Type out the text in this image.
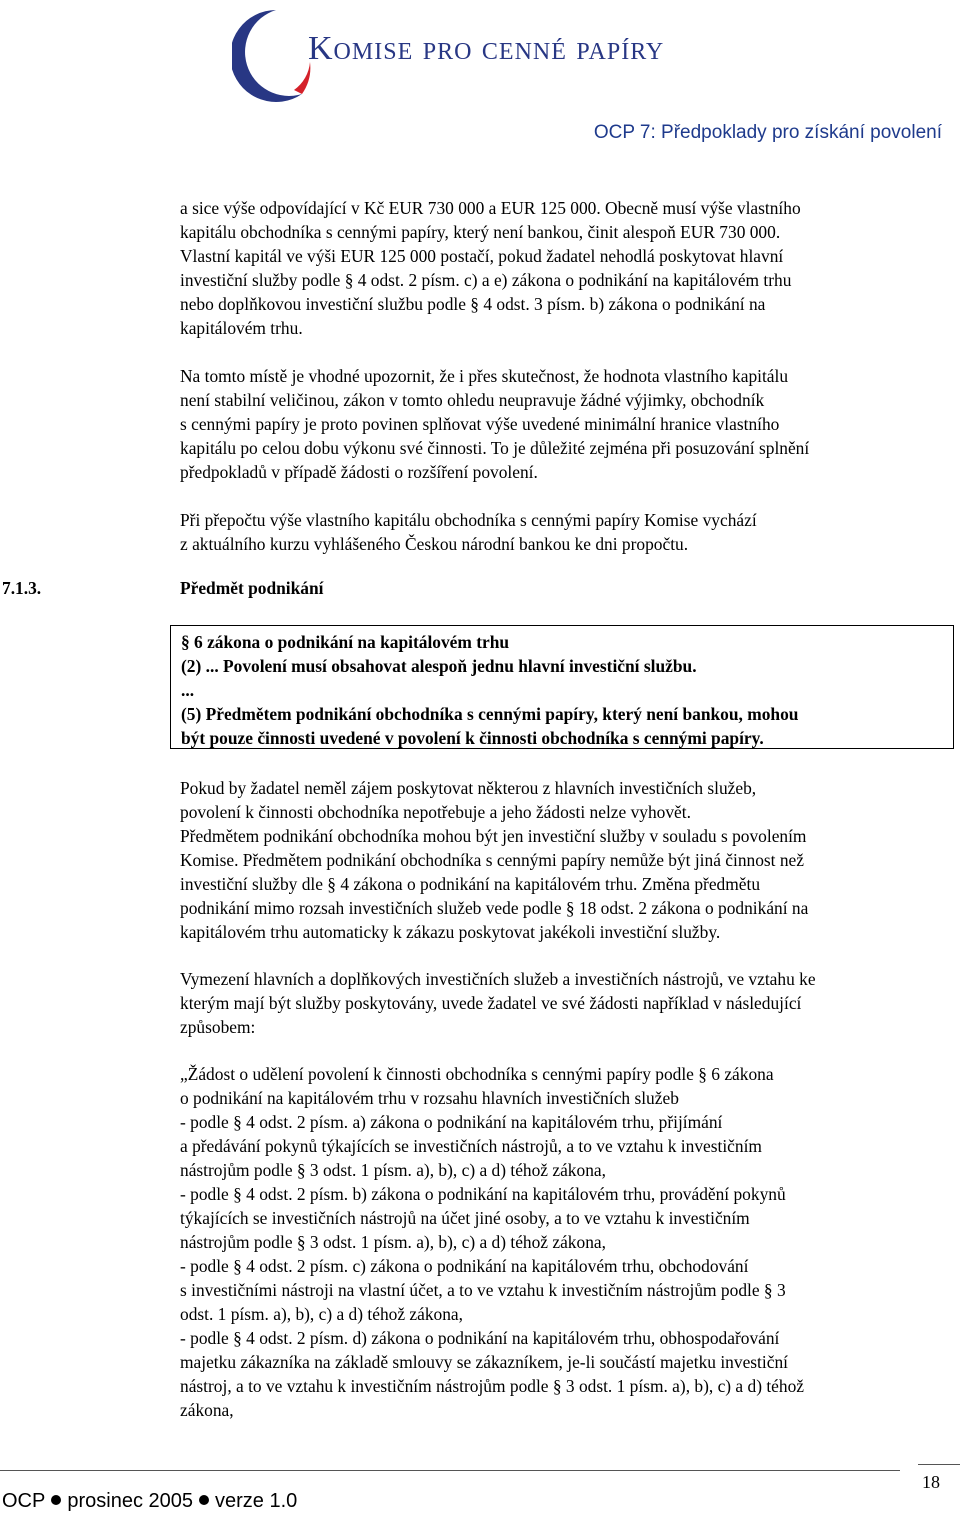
Komise pro cenné papíry
OCP 7: Předpoklady pro získání povolení

a sice výše odpovídající v Kč EUR 730 000 a EUR 125 000. Obecně musí výše vlastního

kapitálu obchodníka s cennými papíry, který není bankou, činit alespoň EUR 730 000.

Vlastní kapitál ve výši EUR 125 000 postačí, pokud žadatel nehodlá poskytovat hlavní

investiční služby podle § 4 odst. 2 písm. c) a e) zákona o podnikání na kapitálovém trhu

nebo doplňkovou investiční službu podle § 4 odst. 3 písm. b) zákona o podnikání na

kapitálovém trhu.

Na tomto místě je vhodné upozornit, že i přes skutečnost, že hodnota vlastního kapitálu

není stabilní veličinou, zákon v tomto ohledu neupravuje žádné výjimky, obchodník

s cennými papíry je proto povinen splňovat výše uvedené minimální hranice vlastního

kapitálu po celou dobu výkonu své činnosti. To je důležité zejména při posuzování splnění

předpokladů v případě žádosti o rozšíření povolení.

Při přepočtu výše vlastního kapitálu obchodníka s cennými papíry Komise vychází

z aktuálního kurzu vyhlášeného Českou národní bankou ke dni propočtu.

7.1.3.	Předmět podnikání

§ 6 zákona o podnikání na kapitálovém trhu

(2) ... Povolení musí obsahovat alespoň jednu hlavní investiční službu.

...

(5) Předmětem podnikání obchodníka s cennými papíry, který není bankou, mohou

být pouze činnosti uvedené v povolení k činnosti obchodníka s cennými papíry.

Pokud by žadatel neměl zájem poskytovat některou z hlavních investičních služeb,

povolení k činnosti obchodníka nepotřebuje a jeho žádosti nelze vyhovět.

Předmětem podnikání obchodníka mohou být jen investiční služby v souladu s povolením

Komise. Předmětem podnikání obchodníka s cennými papíry nemůže být jiná činnost než

investiční služby dle § 4 zákona o podnikání na kapitálovém trhu. Změna předmětu

podnikání mimo rozsah investičních služeb vede podle § 18 odst. 2 zákona o podnikání na

kapitálovém trhu automaticky k zákazu poskytovat jakékoli investiční služby.

Vymezení hlavních a doplňkových investičních služeb a investičních nástrojů, ve vztahu ke

kterým mají být služby poskytovány, uvede žadatel ve své žádosti například v následující

způsobem:

„Žádost o udělení povolení k činnosti obchodníka s cennými papíry podle § 6 zákona

o podnikání na kapitálovém trhu v rozsahu hlavních investičních služeb

- podle § 4 odst. 2 písm. a) zákona o podnikání na kapitálovém trhu, přijímání

a předávání pokynů týkajících se investičních nástrojů, a to ve vztahu k investičním

nástrojům podle § 3 odst. 1 písm. a), b), c) a d) téhož zákona,

- podle § 4 odst. 2 písm. b) zákona o podnikání na kapitálovém trhu, provádění pokynů

týkajících se investičních nástrojů na účet jiné osoby, a to ve vztahu k investičním

nástrojům podle § 3 odst. 1 písm. a), b), c) a d) téhož zákona,

- podle § 4 odst. 2 písm. c) zákona o podnikání na kapitálovém trhu, obchodování

s investičními nástroji na vlastní účet, a to ve vztahu k investičním nástrojům podle § 3

odst. 1 písm. a), b), c) a d) téhož zákona,

- podle § 4 odst. 2 písm. d) zákona o podnikání na kapitálovém trhu, obhospodařování

majetku zákazníka na základě smlouvy se zákazníkem, je-li součástí majetku investiční

nástroj, a to ve vztahu k investičním nástrojům podle § 3 odst. 1 písm. a), b), c) a d) téhož

zákona,

OCP prosinec 2005 verze 1.0
18
